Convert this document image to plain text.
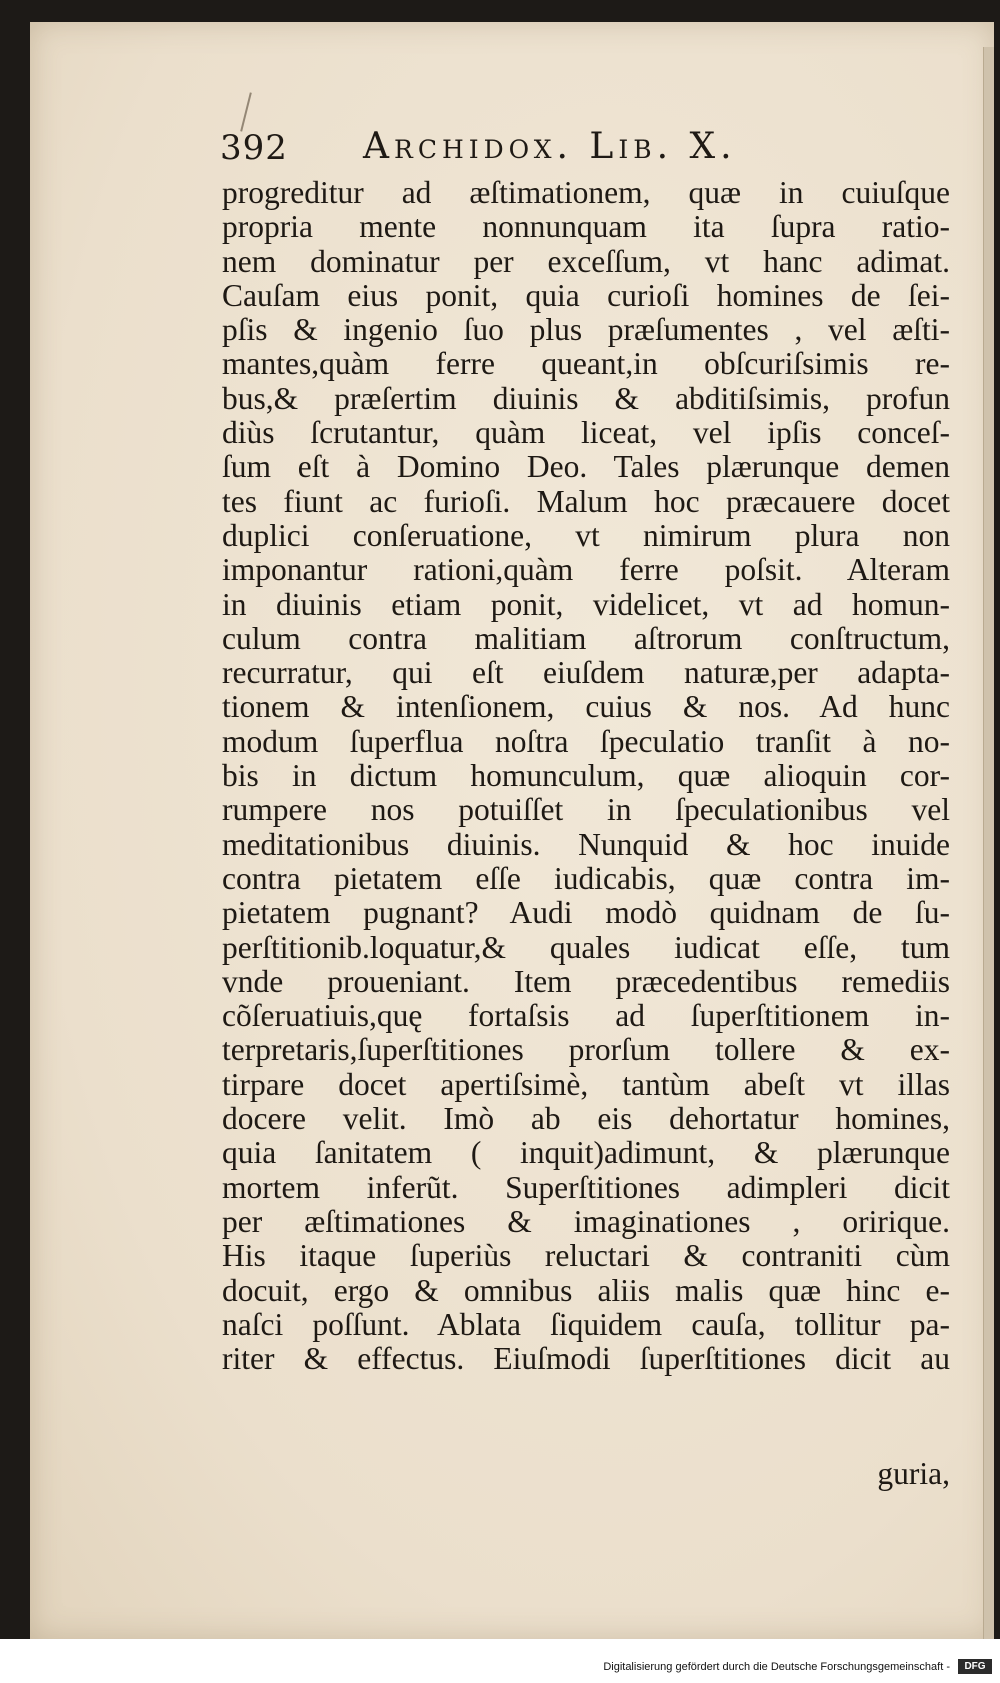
392 Archidox. Lib. X.
progreditur ad æſtimationem, quæ in cuiuſque
propria mente nonnunquam ita ſupra ratio-
nem dominatur per exceſſum, vt hanc adimat.
Cauſam eius ponit, quia curioſi homines de ſei-
pſis & ingenio ſuo plus præſumentes , vel æſti-
mantes,quàm ferre queant,in obſcuriſsimis re-
bus,& præſertim diuinis & abditiſsimis, profun
diùs ſcrutantur, quàm liceat, vel ipſis conceſ-
ſum eſt à Domino Deo. Tales plærunque demen
tes fiunt ac furioſi. Malum hoc præcauere docet
duplici conſeruatione, vt nimirum plura non
imponantur rationi,quàm ferre poſsit. Alteram
in diuinis etiam ponit, videlicet, vt ad homun-
culum contra malitiam aſtrorum conſtructum,
recurratur, qui eſt eiuſdem naturæ,per adapta-
tionem & intenſionem, cuius & nos. Ad hunc
modum ſuperflua noſtra ſpeculatio tranſit à no-
bis in dictum homunculum, quæ alioquin cor-
rumpere nos potuiſſet in ſpeculationibus vel
meditationibus diuinis. Nunquid & hoc inuide
contra pietatem eſſe iudicabis, quæ contra im-
pietatem pugnant? Audi modò quidnam de ſu-
perſtitionib.loquatur,& quales iudicat eſſe, tum
vnde proueniant. Item præcedentibus remediis
cõſeruatiuis,quę fortaſsis ad ſuperſtitionem in-
terpretaris,ſuperſtitiones prorſum tollere & ex-
tirpare docet apertiſsimè, tantùm abeſt vt illas
docere velit. Imò ab eis dehortatur homines,
quia ſanitatem ( inquit)adimunt, & plærunque
mortem inferũt. Superſtitiones adimpleri dicit
per æſtimationes & imaginationes , oririque.
His itaque ſuperiùs reluctari & contraniti cùm
docuit, ergo & omnibus aliis malis quæ hinc e-
naſci poſſunt. Ablata ſiquidem cauſa, tollitur pa-
riter & effectus. Eiuſmodi ſuperſtitiones dicit au
guria,
Digitalisierung gefördert durch die Deutsche Forschungsgemeinschaft -	DFG
